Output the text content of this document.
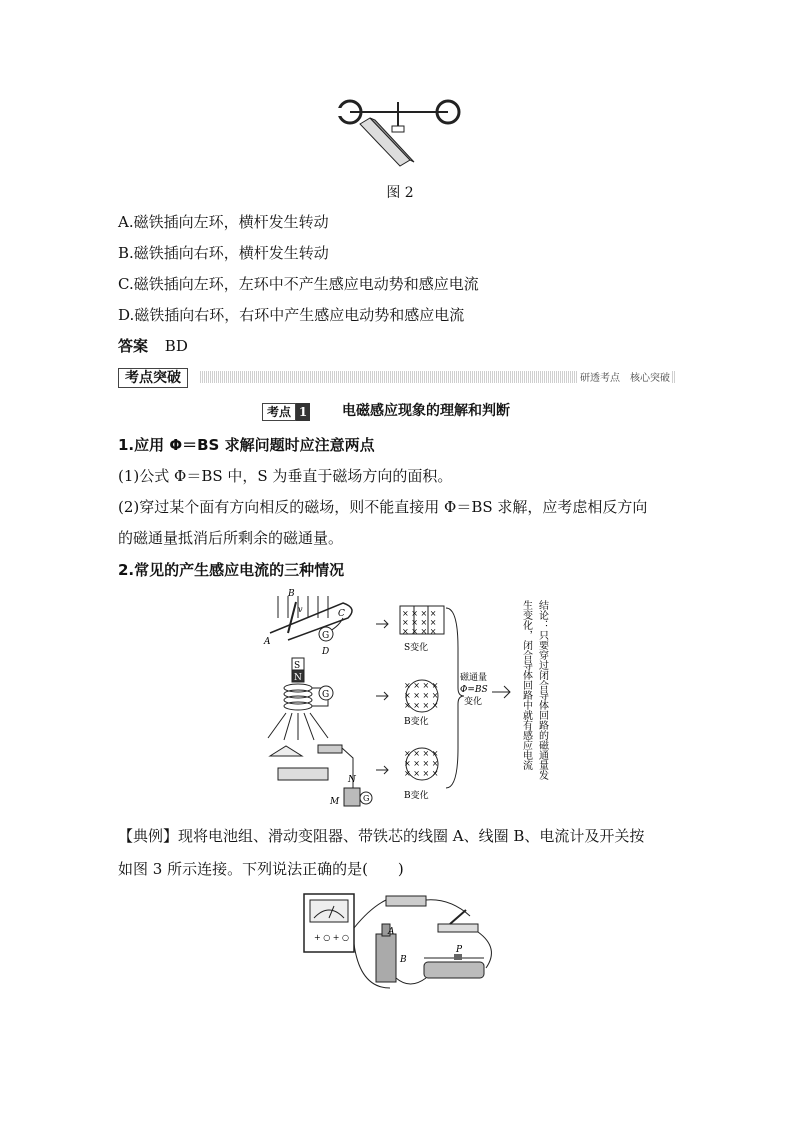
图 2
A.磁铁插向左环，横杆发生转动
B.磁铁插向右环，横杆发生转动
C.磁铁插向左环，左环中不产生感应电动势和感应电流
D.磁铁插向右环，右环中产生感应电动势和感应电流
答案 BD
考点突破	研透考点　核心突破
考点 1 电磁感应现象的理解和判断
1.应用 Φ＝BS 求解问题时应注意两点
(1)公式 Φ＝BS 中，S 为垂直于磁场方向的面积。
(2)穿过某个面有方向相反的磁场，则不能直接用 Φ＝BS 求解，应考虑相反方向
的磁通量抵消后所剩余的磁通量。
2.常见的产生感应电流的三种情况
G
B
v	C
A
D
S
N
G
M
N
G
× × × ×
× × × ×
× × × ×
S变化
× × × ×
× × × ×
× × × ×
B变化
× × × ×
× × × ×
× × × ×
B变化
磁通量
Φ=BS
变化	结论：只要穿过闭合导体回路的磁通量发
生变化，闭合导体回路中就有感应电流
【典例】现将电池组、滑动变阻器、带铁芯的线圈 A、线圈 B、电流计及开关按
如图 3 所示连接。下列说法正确的是(　　)
+ ○ + ○
A
B
P
